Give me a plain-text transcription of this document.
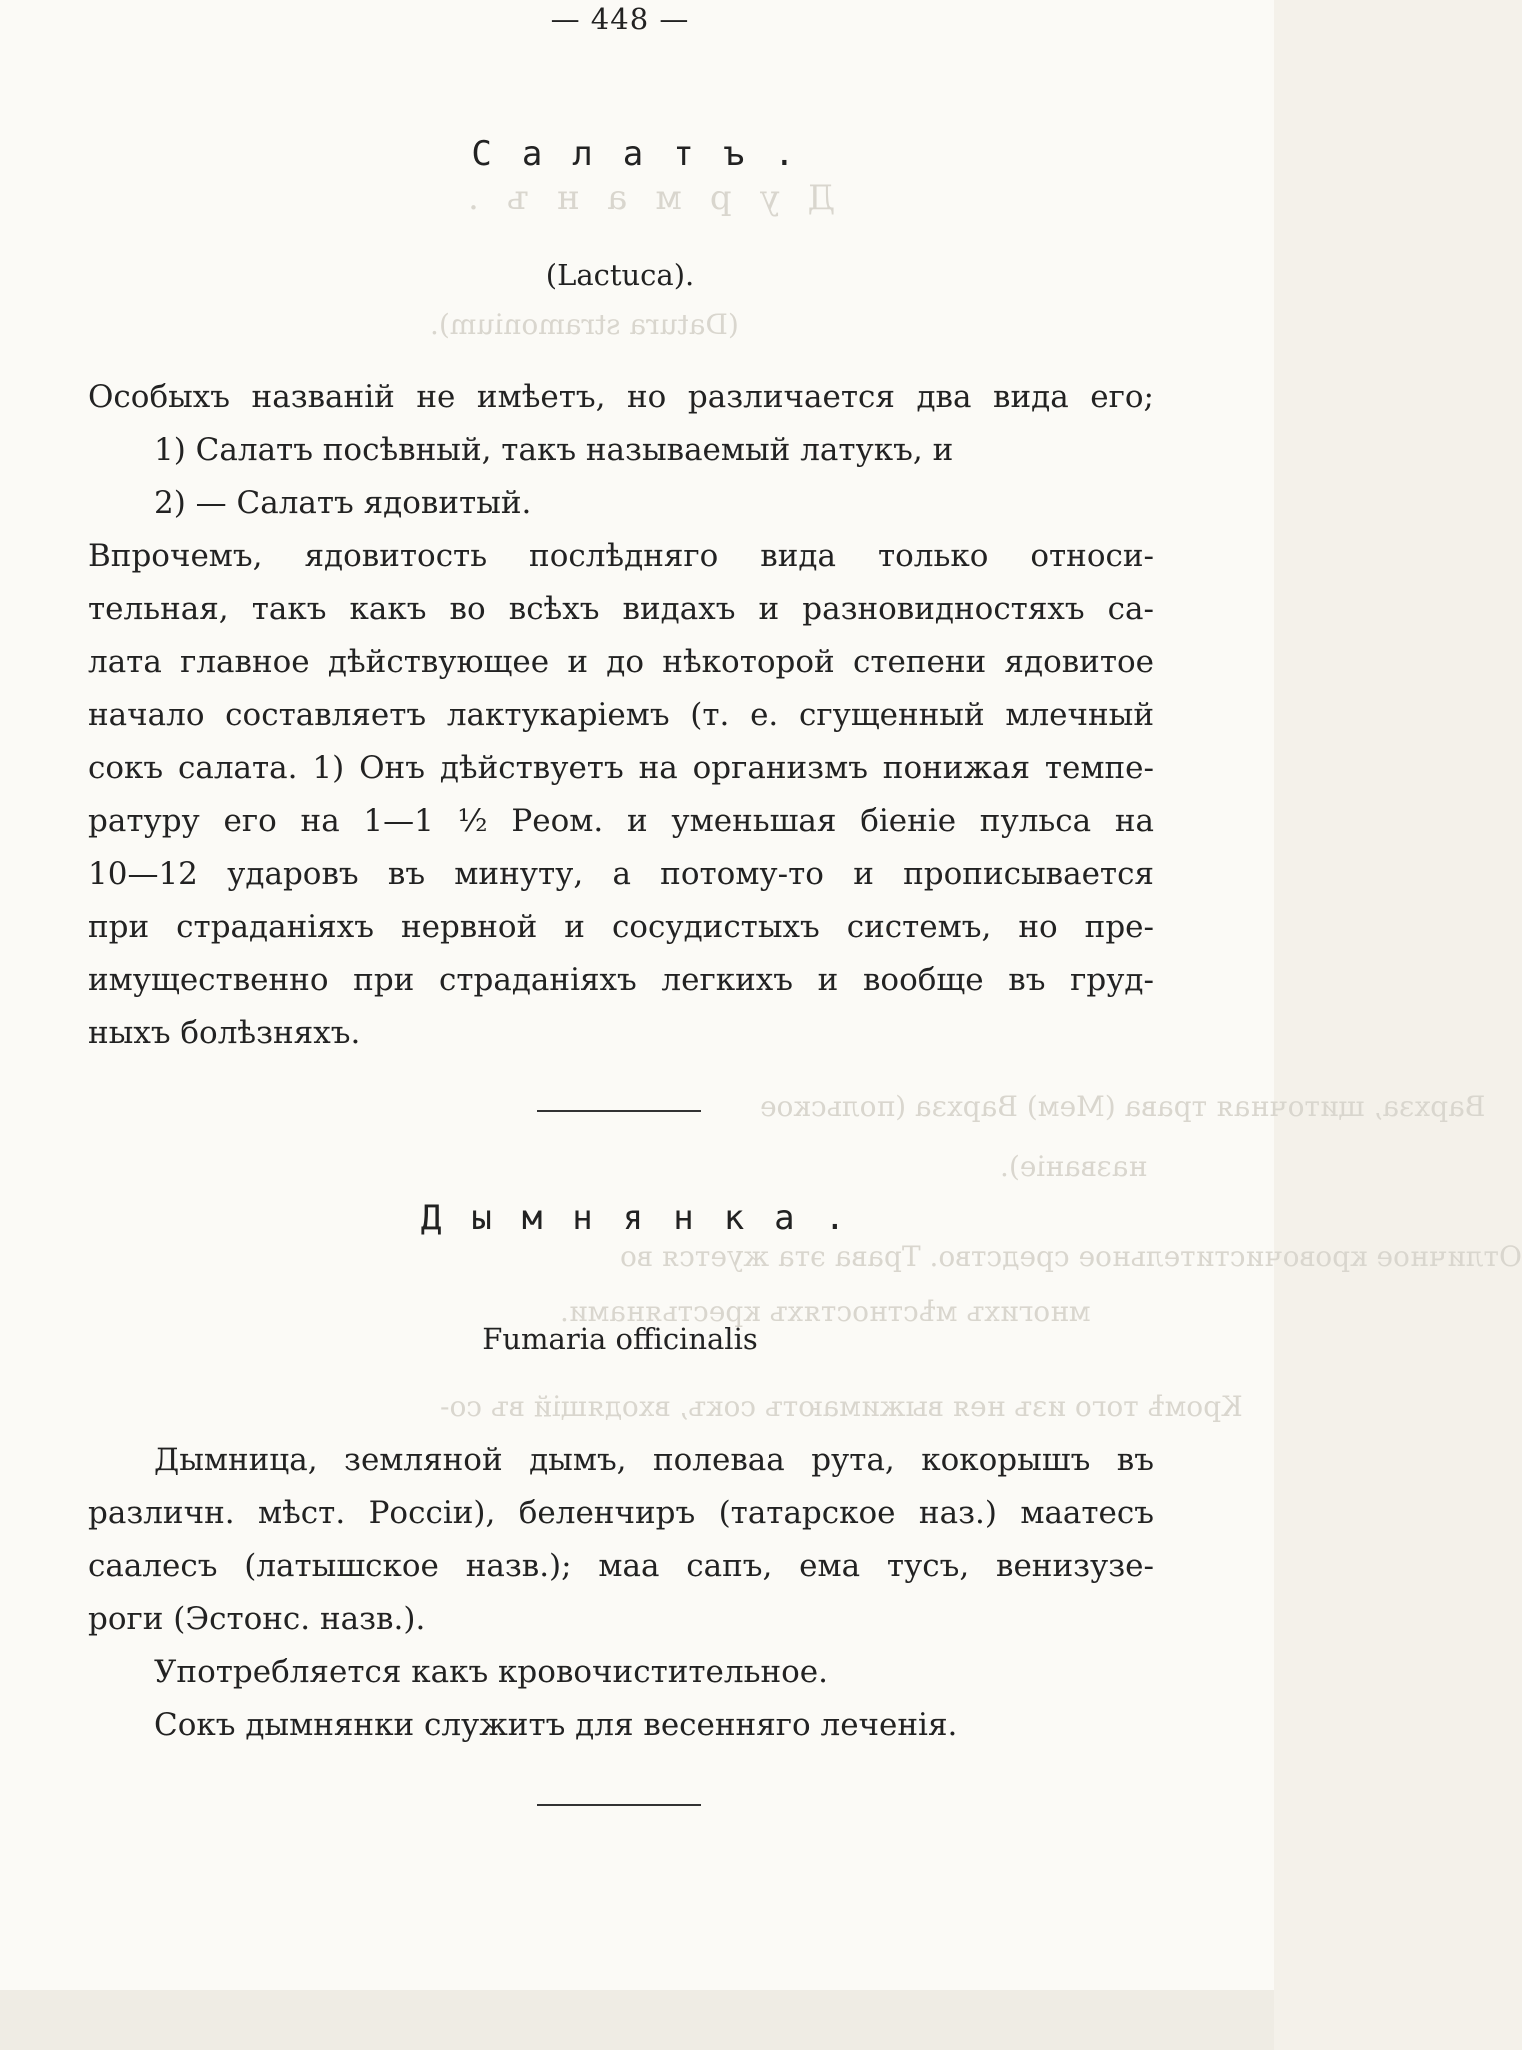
Дурманъ.
(Datura stramonium).
Вархза, щиточная трава (Мем) Вархза (польское
названіе).
Отличное кровочистительное средство. Трава эта жуется во
многихъ мѣстностяхъ крестьянами.
Кромѣ того изъ нея выжимаютъ сокъ, входящій въ со-
— 448 —
Салатъ.
(Lactuca).

Особыхъ названій не имѣетъ, но различается два вида его;

1) Салатъ посѣвный, такъ называемый латукъ, и

2) — Салатъ ядовитый.

Впрочемъ, ядовитость послѣдняго вида только относи-

тельная, такъ какъ во всѣхъ видахъ и разновидностяхъ са-

лата главное дѣйствующее и до нѣкоторой степени ядовитое

начало составляетъ лактукаріемъ (т. е. сгущенный млечный

сокъ салата. 1) Онъ дѣйствуетъ на организмъ понижая темпе-

ратуру его на 1—1 ½ Реом. и уменьшая біеніе пульса на

10—12 ударовъ въ минуту, а потому-то и прописывается

при страданіяхъ нервной и сосудистыхъ системъ, но пре-

имущественно при страданіяхъ легкихъ и вообще въ груд-

ныхъ болѣзняхъ.

Дымнянка.
Fumaria officinalis

Дымница, земляной дымъ, полеваа рута, кокорышъ въ

различн. мѣст. Россіи), беленчиръ (татарское наз.) маатесъ

саалесъ (латышское назв.); маа сапъ, ема тусъ, венизузе-

роги (Эстонс. назв.).

Употребляется какъ кровочистительное.

Сокъ дымнянки служитъ для весенняго леченія.
